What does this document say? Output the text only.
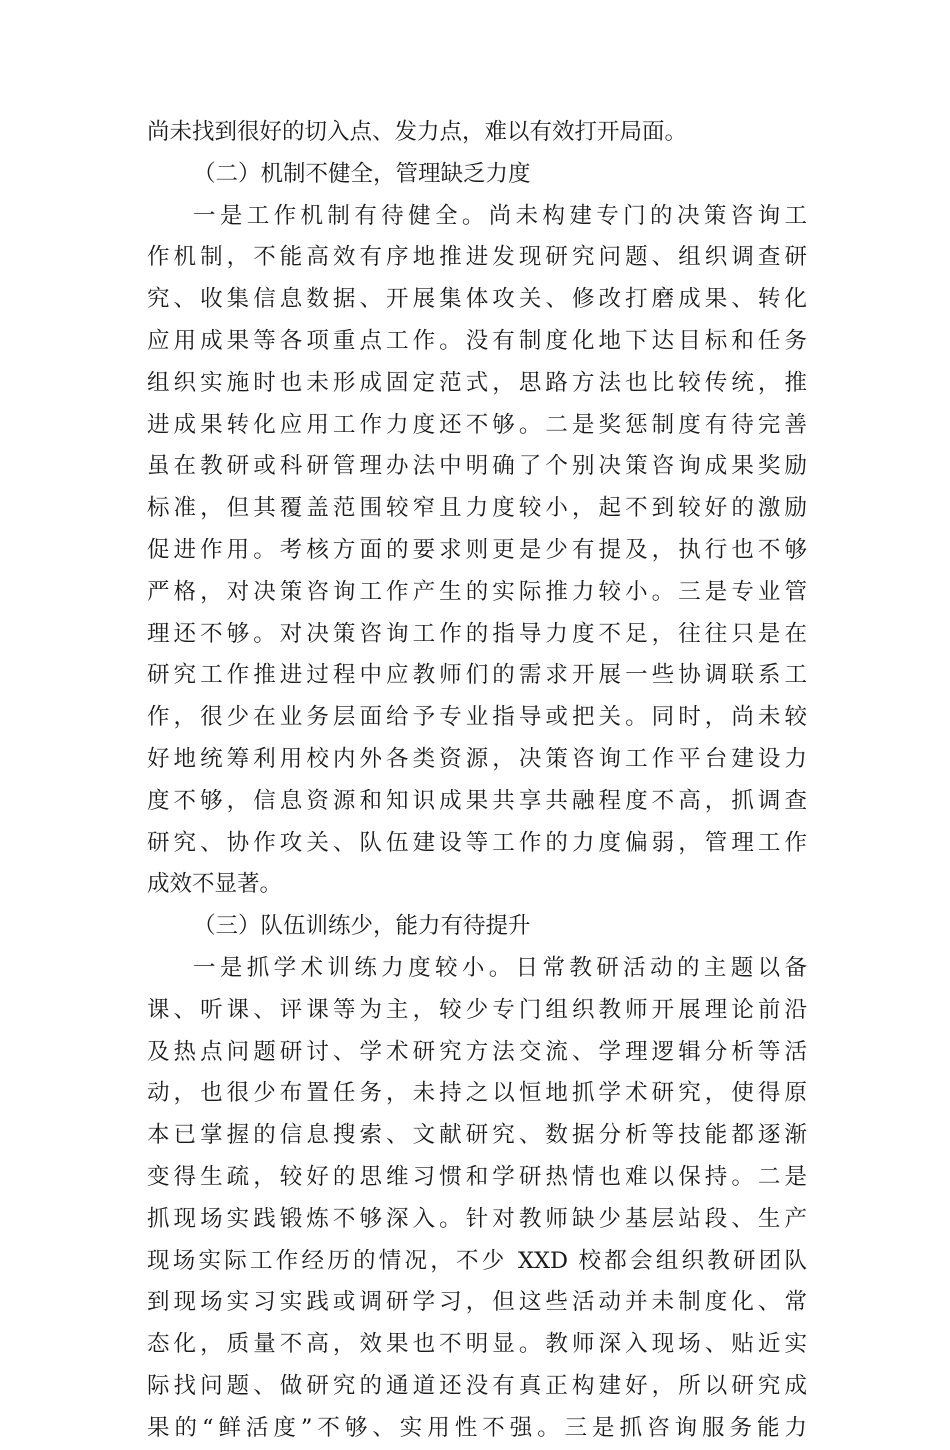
尚未找到很好的切入点、发力点，难以有效打开局面。
（二）机制不健全，管理缺乏力度
一是工作机制有待健全。尚未构建专门的决策咨询工
作机制，不能高效有序地推进发现研究问题、组织调查研
究、收集信息数据、开展集体攻关、修改打磨成果、转化
应用成果等各项重点工作。没有制度化地下达目标和任务
组织实施时也未形成固定范式，思路方法也比较传统，推
进成果转化应用工作力度还不够。二是奖惩制度有待完善
虽在教研或科研管理办法中明确了个别决策咨询成果奖励
标准，但其覆盖范围较窄且力度较小，起不到较好的激励
促进作用。考核方面的要求则更是少有提及，执行也不够
严格，对决策咨询工作产生的实际推力较小。三是专业管
理还不够。对决策咨询工作的指导力度不足，往往只是在
研究工作推进过程中应教师们的需求开展一些协调联系工
作，很少在业务层面给予专业指导或把关。同时，尚未较
好地统筹利用校内外各类资源，决策咨询工作平台建设力
度不够，信息资源和知识成果共享共融程度不高，抓调查
研究、协作攻关、队伍建设等工作的力度偏弱，管理工作
成效不显著。
（三）队伍训练少，能力有待提升
一是抓学术训练力度较小。日常教研活动的主题以备
课、听课、评课等为主，较少专门组织教师开展理论前沿
及热点问题研讨、学术研究方法交流、学理逻辑分析等活
动，也很少布置任务，未持之以恒地抓学术研究，使得原
本已掌握的信息搜索、文献研究、数据分析等技能都逐渐
变得生疏，较好的思维习惯和学研热情也难以保持。二是
抓现场实践锻炼不够深入。针对教师缺少基层站段、生产
现场实际工作经历的情况，不少 XXD 校都会组织教研团队
到现场实习实践或调研学习，但这些活动并未制度化、常
态化，质量不高，效果也不明显。教师深入现场、贴近实
际找问题、做研究的通道还没有真正构建好，所以研究成
果的“鲜活度”不够、实用性不强。三是抓咨询服务能力
